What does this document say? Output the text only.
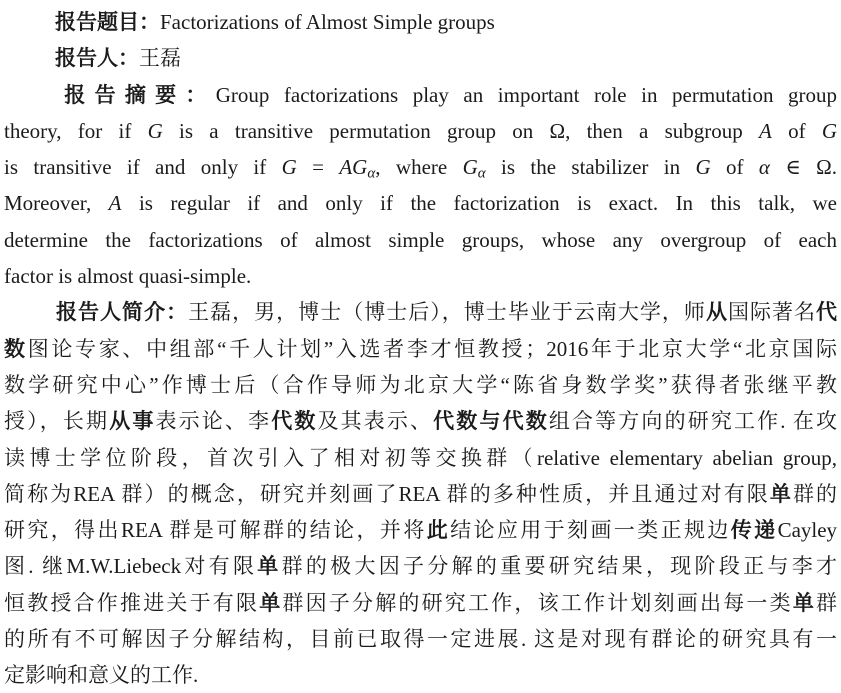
报告题目：Factorizations of Almost Simple groups
报告人：王磊
报告摘要：Group factorizations play an important role in permutation group
theory, for if G is a transitive permutation group on Ω, then a subgroup A of G
is transitive if and only if G = AGα, where Gα is the stabilizer in G of α ∈ Ω.
Moreover, A is regular if and only if the factorization is exact. In this talk, we
determine the factorizations of almost simple groups, whose any overgroup of each
factor is almost quasi-simple.
报告人简介：王磊，男，博士（博士后），博士毕业于云南大学，师从国际著名代
数图论专家、中组部“千人计划”入选者李才恒教授；2016年于北京大学“北京国际
数学研究中心”作博士后（合作导师为北京大学“陈省身数学奖”获得者张继平教
授），长期从事表示论、李代数及其表示、代数与代数组合等方向的研究工作. 在攻
读博士学位阶段，首次引入了相对初等交换群（relative elementary abelian group,
简称为REA 群）的概念，研究并刻画了REA 群的多种性质，并且通过对有限单群的
研究，得出REA 群是可解群的结论，并将此结论应用于刻画一类正规边传递Cayley
图. 继M.W.Liebeck对有限单群的极大因子分解的重要研究结果，现阶段正与李才
恒教授合作推进关于有限单群因子分解的研究工作，该工作计划刻画出每一类单群
的所有不可解因子分解结构，目前已取得一定进展. 这是对现有群论的研究具有一
定影响和意义的工作.
